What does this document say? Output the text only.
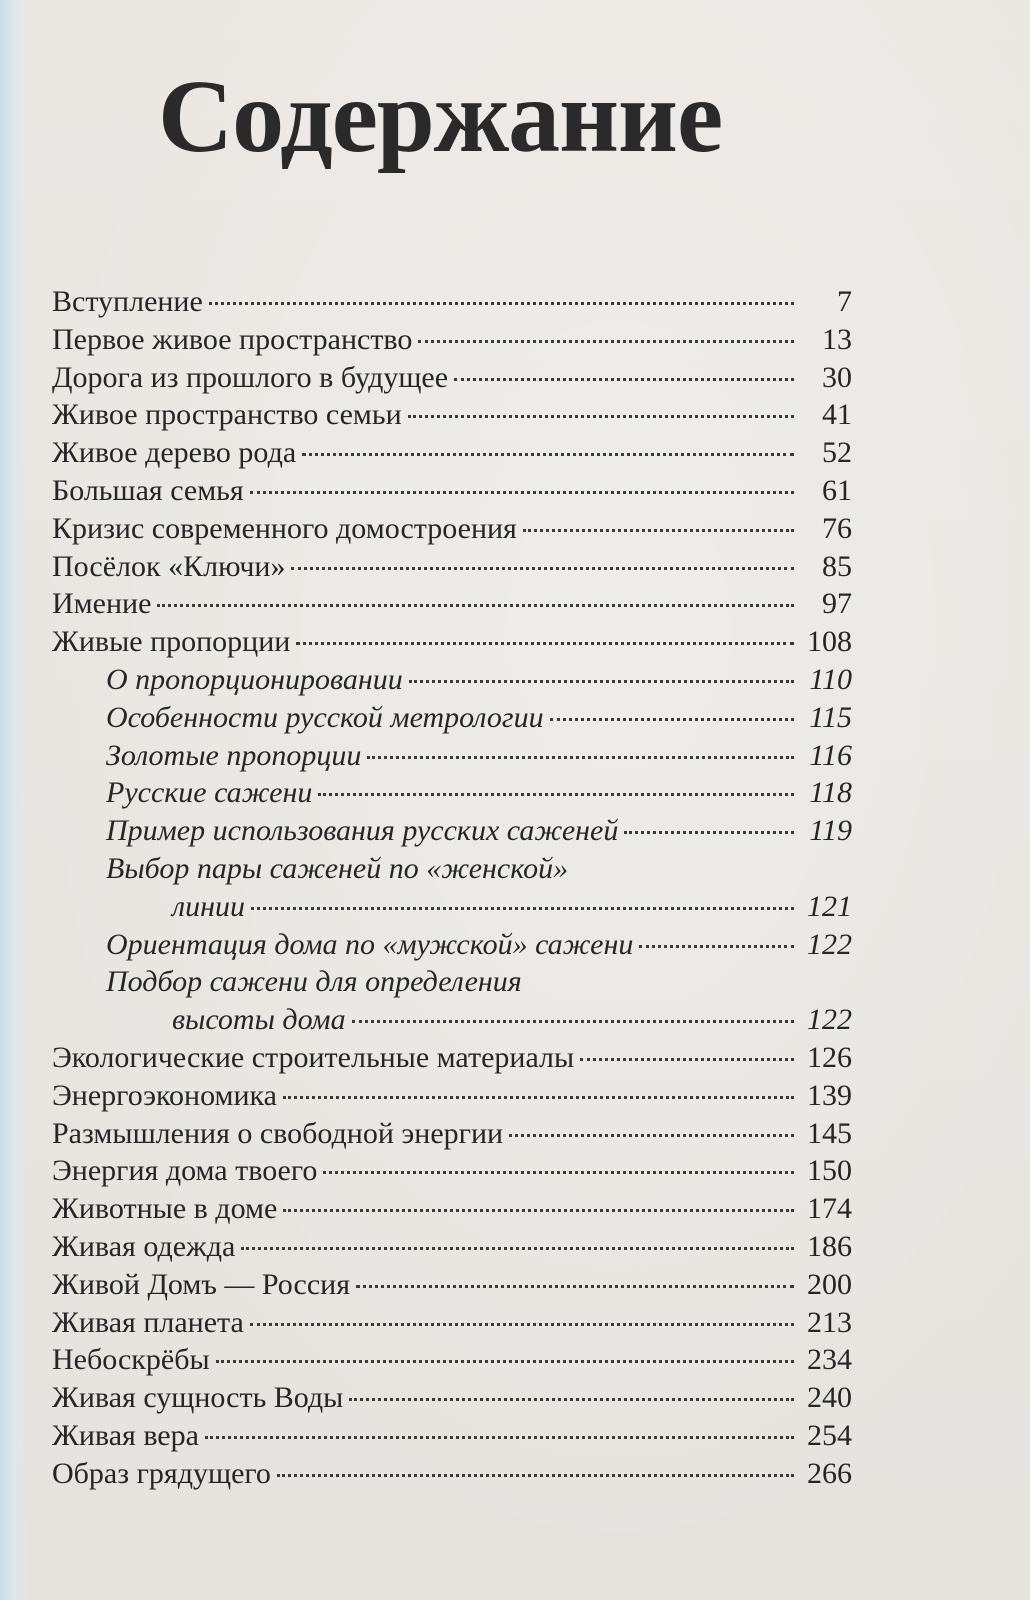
Содержание
Вступление	7
Первое живое пространство	13
Дорога из прошлого в будущее	30
Живое пространство семьи	41
Живое дерево рода	52
Большая семья	61
Кризис современного домостроения	76
Посёлок «Ключи»	85
Имение	97
Живые пропорции	108
О пропорционировании	110
Особенности русской метрологии	115
Золотые пропорции	116
Русские сажени	118
Пример использования русских саженей	119
Выбор пары саженей по «женской»
линии	121
Ориентация дома по «мужской» сажени	122
Подбор сажени для определения
высоты дома	122
Экологические строительные материалы	126
Энергоэкономика	139
Размышления о свободной энергии	145
Энергия дома твоего	150
Животные в доме	174
Живая одежда	186
Живой Домъ — Россия	200
Живая планета	213
Небоскрёбы	234
Живая сущность Воды	240
Живая вера	254
Образ грядущего	266
